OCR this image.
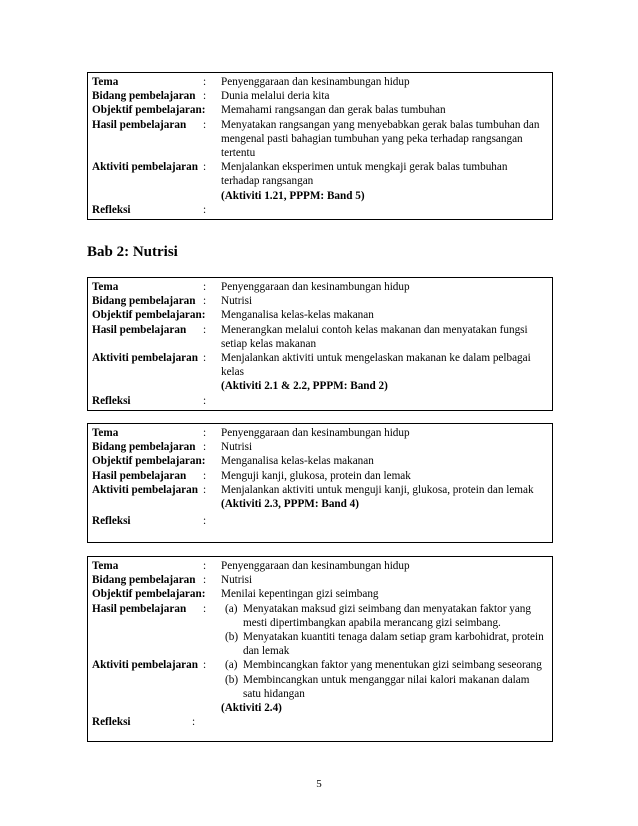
Tema	:	Penyenggaraan dan kesinambungan hidup
Bidang pembelajaran :	Dunia melalui deria kita
Objektif pembelajaran: Memahami rangsangan dan gerak balas tumbuhan
Hasil pembelajaran	:	Menyatakan rangsangan yang menyebabkan gerak balas tumbuhan dan mengenal pasti bahagian tumbuhan yang peka terhadap rangsangan tertentu
Aktiviti pembelajaran :	Menjalankan eksperimen untuk mengkaji gerak balas tumbuhan terhadap rangsangan
(Aktiviti 1.21, PPPM: Band 5)
Refleksi	:
Bab 2: Nutrisi
Tema	:	Penyenggaraan dan kesinambungan hidup
Bidang pembelajaran :	Nutrisi
Objektif pembelajaran: Menganalisa kelas-kelas makanan
Hasil pembelajaran	:	Menerangkan melalui contoh kelas makanan dan menyatakan fungsi setiap kelas makanan
Aktiviti pembelajaran :	Menjalankan aktiviti untuk mengelaskan makanan ke dalam pelbagai kelas
(Aktiviti 2.1 & 2.2, PPPM: Band 2)
Refleksi	:
Tema	:	Penyenggaraan dan kesinambungan hidup
Bidang pembelajaran :	Nutrisi
Objektif pembelajaran: Menganalisa kelas-kelas makanan
Hasil pembelajaran	:	Menguji kanji, glukosa, protein dan lemak
Aktiviti pembelajaran :	Menjalankan aktiviti untuk menguji kanji, glukosa, protein dan lemak
(Aktiviti 2.3, PPPM: Band 4)
Refleksi	:
Tema	:	Penyenggaraan dan kesinambungan hidup
Bidang pembelajaran :	Nutrisi
Objektif pembelajaran: Menilai kepentingan gizi seimbang
Hasil pembelajaran	:	(a) Menyatakan maksud gizi seimbang dan menyatakan faktor yang mesti dipertimbangkan apabila merancang gizi seimbang.
(b) Menyatakan kuantiti tenaga dalam setiap gram karbohidrat, protein dan lemak
Aktiviti pembelajaran :	(a) Membincangkan faktor yang menentukan gizi seimbang seseorang
(b) Membincangkan untuk menganggar nilai kalori makanan dalam satu hidangan
(Aktiviti 2.4)
Refleksi	:
5
